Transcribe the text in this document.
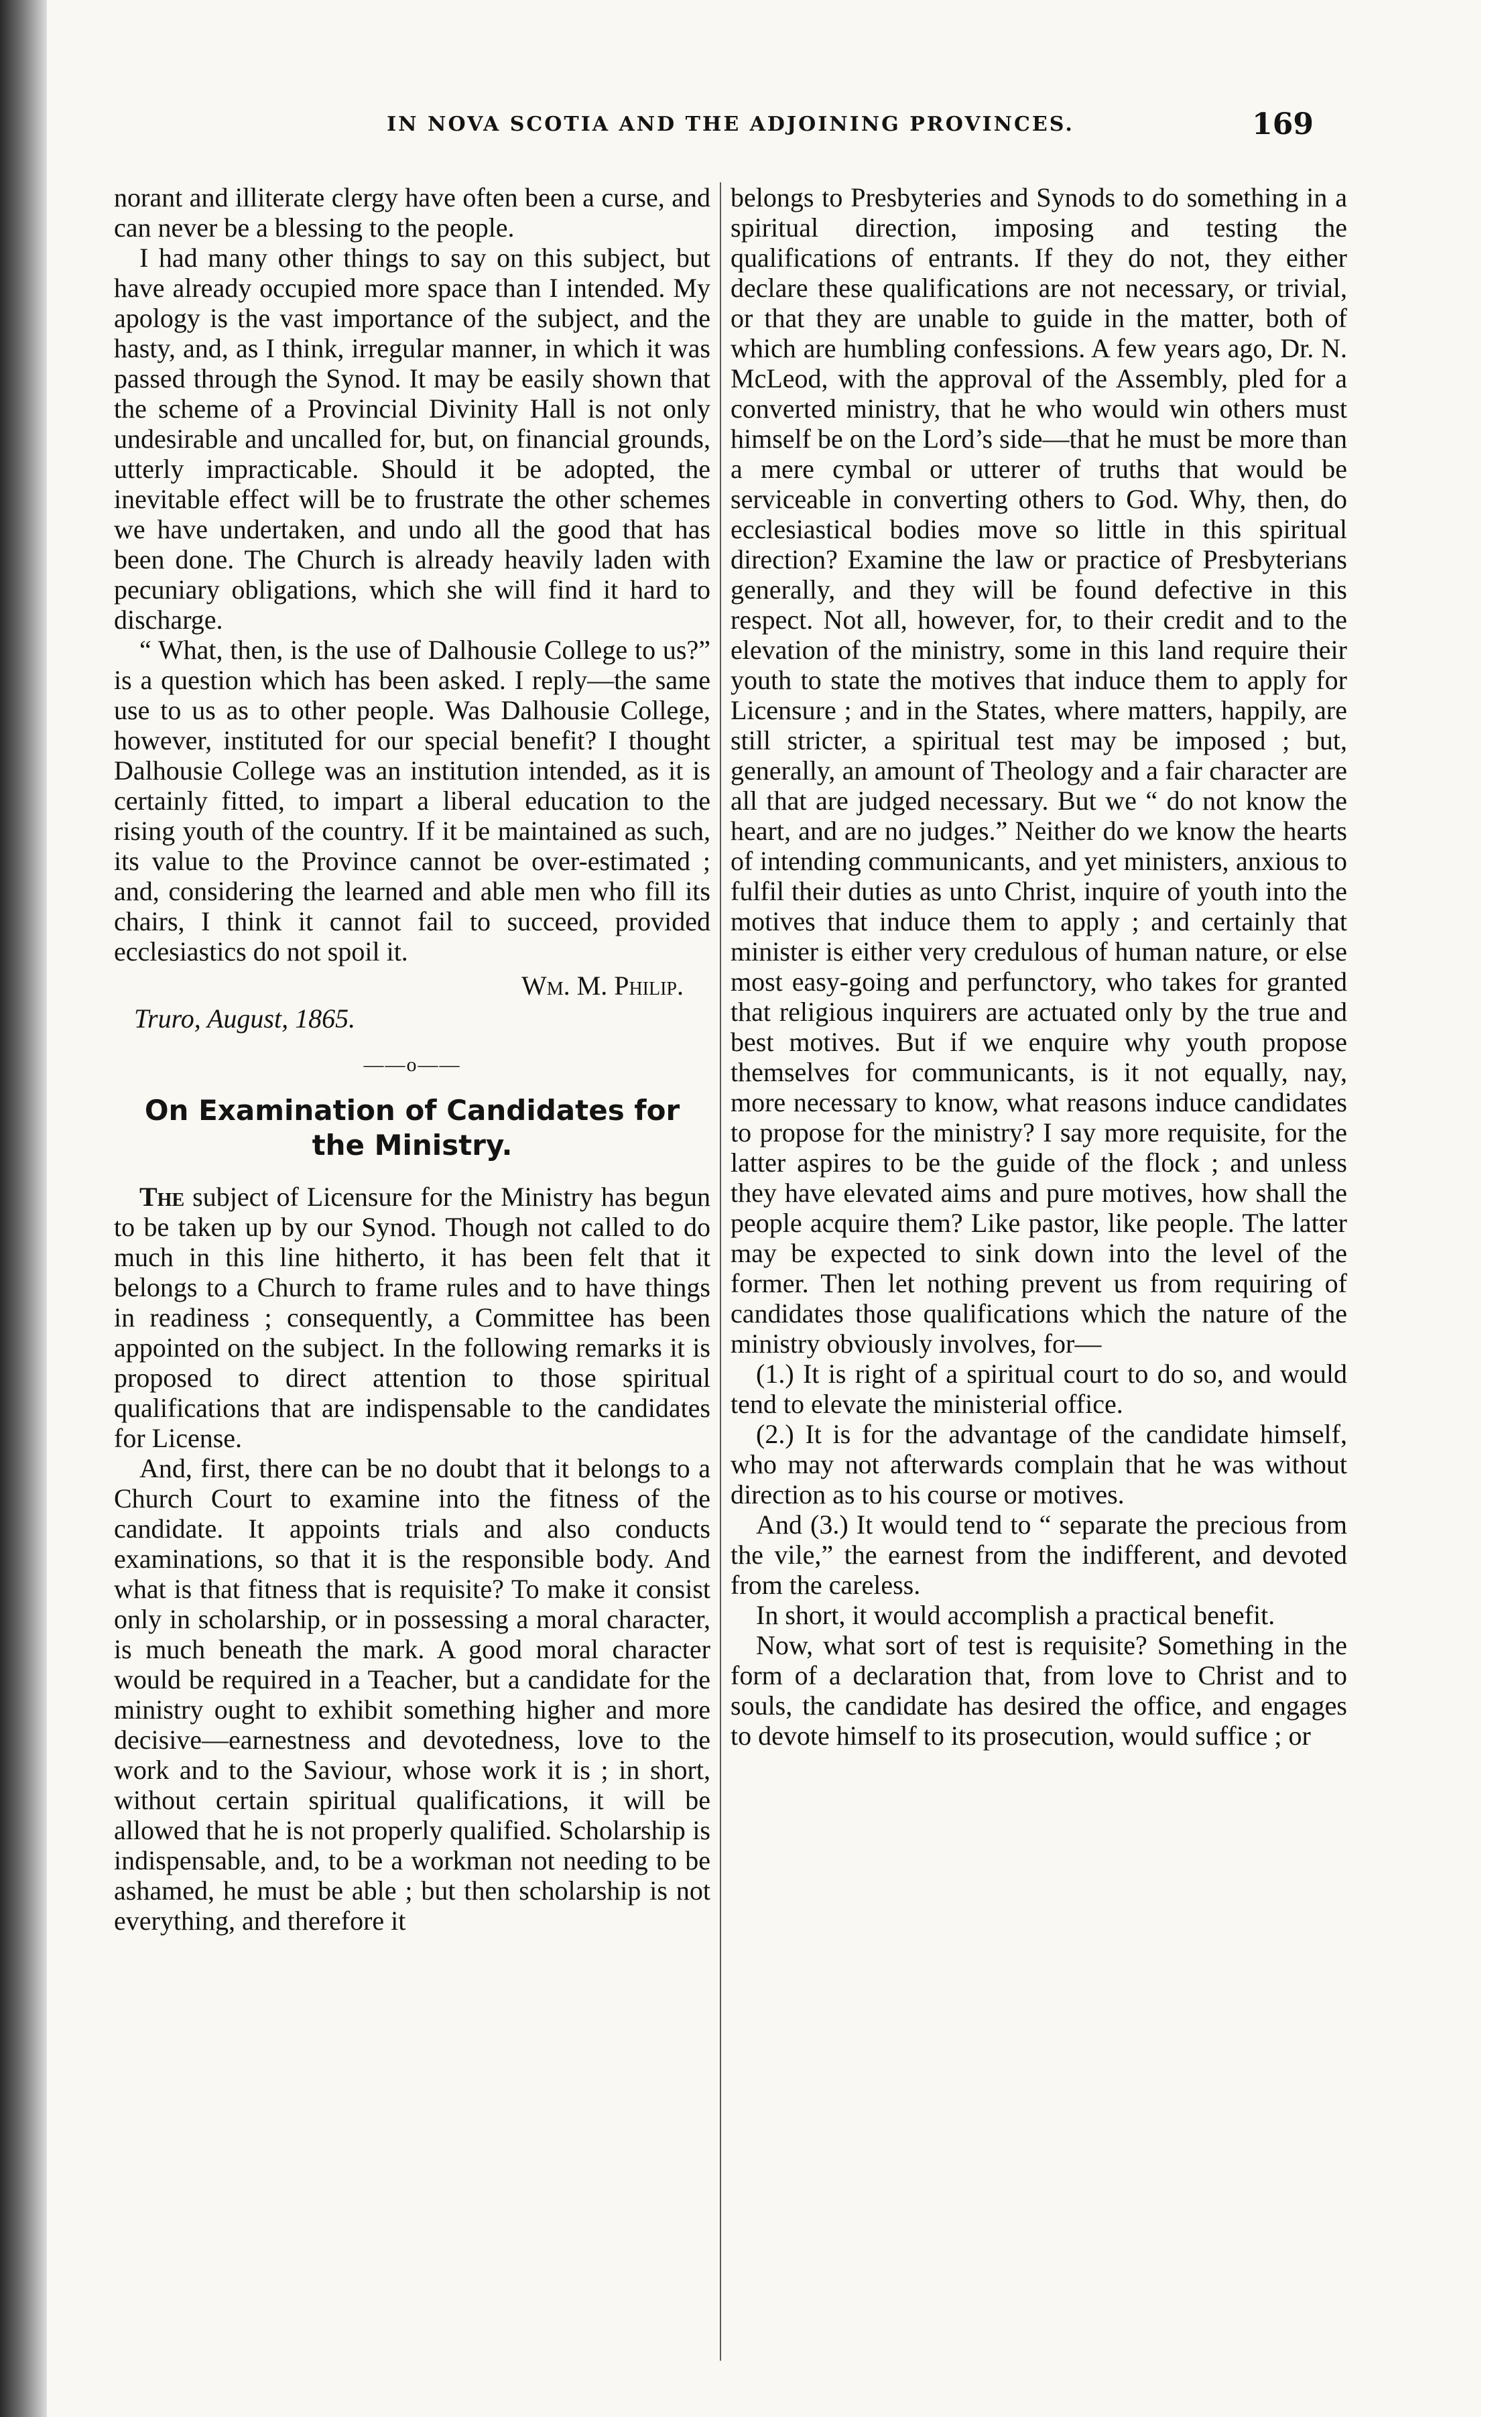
IN NOVA SCOTIA AND THE ADJOINING PROVINCES.	169

norant and illiterate clergy have often been a curse, and can never be a blessing to the people.

I had many other things to say on this subject, but have already occupied more space than I intended. My apology is the vast importance of the subject, and the hasty, and, as I think, irregular manner, in which it was passed through the Synod. It may be easily shown that the scheme of a Provincial Divinity Hall is not only undesirable and uncalled for, but, on financial grounds, utterly impracticable. Should it be adopted, the inevitable effect will be to frustrate the other schemes we have undertaken, and undo all the good that has been done. The Church is already heavily laden with pecuniary obligations, which she will find it hard to discharge.

“ What, then, is the use of Dalhousie College to us?” is a question which has been asked. I reply—the same use to us as to other people. Was Dalhousie College, however, instituted for our special benefit? I thought Dalhousie College was an institution intended, as it is certainly fitted, to impart a liberal education to the rising youth of the country. If it be maintained as such, its value to the Province cannot be over-estimated ; and, considering the learned and able men who fill its chairs, I think it cannot fail to succeed, provided ecclesiastics do not spoil it.

Wm. M. Philip.
Truro, August, 1865.
——o——
On Examination of Candidates for the Ministry.

The subject of Licensure for the Ministry has begun to be taken up by our Synod. Though not called to do much in this line hitherto, it has been felt that it belongs to a Church to frame rules and to have things in readiness ; consequently, a Committee has been appointed on the subject. In the following remarks it is proposed to direct attention to those spiritual qualifications that are indispensable to the candidates for License.

And, first, there can be no doubt that it belongs to a Church Court to examine into the fitness of the candidate. It appoints trials and also conducts examinations, so that it is the responsible body. And what is that fitness that is requisite? To make it consist only in scholarship, or in possessing a moral character, is much beneath the mark. A good moral character would be required in a Teacher, but a candidate for the ministry ought to exhibit something higher and more decisive—earnestness and devotedness, love to the work and to the Saviour, whose work it is ; in short, without certain spiritual qualifications, it will be allowed that he is not properly qualified. Scholarship is indispensable, and, to be a workman not needing to be ashamed, he must be able ; but then scholarship is not everything, and therefore it

belongs to Presbyteries and Synods to do something in a spiritual direction, imposing and testing the qualifications of entrants. If they do not, they either declare these qualifications are not necessary, or trivial, or that they are unable to guide in the matter, both of which are humbling confessions. A few years ago, Dr. N. McLeod, with the approval of the Assembly, pled for a converted ministry, that he who would win others must himself be on the Lord’s side—that he must be more than a mere cymbal or utterer of truths that would be serviceable in converting others to God. Why, then, do ecclesiastical bodies move so little in this spiritual direction? Examine the law or practice of Presbyterians generally, and they will be found defective in this respect. Not all, however, for, to their credit and to the elevation of the ministry, some in this land require their youth to state the motives that induce them to apply for Licensure ; and in the States, where matters, happily, are still stricter, a spiritual test may be imposed ; but, generally, an amount of Theology and a fair character are all that are judged necessary. But we “ do not know the heart, and are no judges.” Neither do we know the hearts of intending communicants, and yet ministers, anxious to fulfil their duties as unto Christ, inquire of youth into the motives that induce them to apply ; and certainly that minister is either very credulous of human nature, or else most easy-going and perfunctory, who takes for granted that religious inquirers are actuated only by the true and best motives. But if we enquire why youth propose themselves for communicants, is it not equally, nay, more necessary to know, what reasons induce candidates to propose for the ministry? I say more requisite, for the latter aspires to be the guide of the flock ; and unless they have elevated aims and pure motives, how shall the people acquire them? Like pastor, like people. The latter may be expected to sink down into the level of the former. Then let nothing prevent us from requiring of candidates those qualifications which the nature of the ministry obviously involves, for—

(1.) It is right of a spiritual court to do so, and would tend to elevate the ministerial office.

(2.) It is for the advantage of the candidate himself, who may not afterwards complain that he was without direction as to his course or motives.

And (3.) It would tend to “ separate the precious from the vile,” the earnest from the indifferent, and devoted from the careless.

In short, it would accomplish a practical benefit.

Now, what sort of test is requisite? Something in the form of a declaration that, from love to Christ and to souls, the candidate has desired the office, and engages to devote himself to its prosecution, would suffice ; or
